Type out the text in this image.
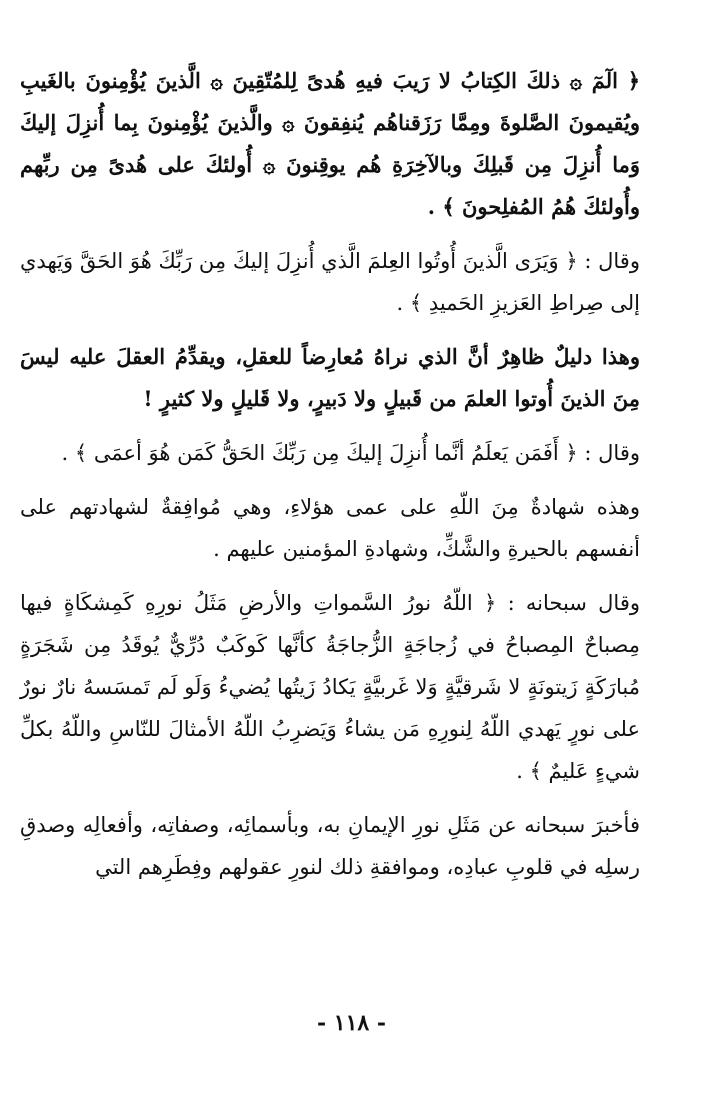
﴿ الٓمٓ ۞ ذلكَ الكِتابُ لا رَيبَ فيهِ هُدىً لِلمُتّقِينَ ۞ الَّذينَ يُؤْمِنونَ بالغَيبِ ويُقيمونَ الصَّلوةَ ومِمَّا رَزَقناهُم يُنفِقونَ ۞ والَّذينَ يُؤْمِنونَ بِما أُنزِلَ إليكَ وَما أُنزِلَ مِن قَبلِكَ وبالآخِرَةِ هُم يوقِنونَ ۞ أُولئكَ على هُدىً مِن ربِّهم وأُولئكَ هُمُ المُفلِحونَ ﴾ .

وقال : ﴿ وَيَرَى الَّذينَ أُوتُوا العِلمَ الَّذي أُنزِلَ إليكَ مِن رَبِّكَ هُوَ الحَقَّ وَيَهدي إلى صِراطِ العَزيزِ الحَميدِ ﴾ .

وهذا دليلٌ ظاهِرٌ أنَّ الذي نراهُ مُعارِضاً للعقلِ، ويقدِّمُ العقلَ عليه ليسَ مِنَ الذينَ أُوتوا العلمَ من قَبيلٍ ولا دَبيرٍ، ولا قَليلٍ ولا كثيرٍ !

وقال : ﴿ أَفَمَن يَعلَمُ أنَّما أُنزِلَ إليكَ مِن رَبِّكَ الحَقُّ كَمَن هُوَ أعمَى ﴾ .

وهذه شهادةٌ مِنَ اللّهِ على عمى هؤلاءِ، وهي مُوافِقةٌ لشهادتهم على أنفسهم بالحيرةِ والشَّكِّ، وشهادةِ المؤمنين عليهم .

وقال سبحانه : ﴿ اللّهُ نورُ السَّمواتِ والأرضِ مَثَلُ نورِهِ كَمِشكَاةٍ فيها مِصباحٌ المِصباحُ في زُجاجَةٍ الزُّجاجَةُ كأنَّها كَوكَبٌ دُرِّيٌّ يُوقَدُ مِن شَجَرَةٍ مُبارَكَةٍ زَيتونَةٍ لا شَرقيَّةٍ وَلا غَربيَّةٍ يَكادُ زَيتُها يُضيءُ وَلَو لَم تَمسَسهُ نارٌ نورٌ على نورٍ يَهدي اللّهُ لِنورِهِ مَن يشاءُ وَيَضرِبُ اللّهُ الأمثالَ للنّاسِ واللّهُ بكلِّ شيءٍ عَليمٌ ﴾ .

فأخبرَ سبحانه عن مَثَلِ نورِ الإيمانِ به، وبأسمائِه، وصفاتِه، وأفعالِه وصدقِ رسلِه في قلوبِ عبادِه، وموافقةِ ذلك لنورِ عقولهم وفِطَرِهم التي

- ١١٨ -
